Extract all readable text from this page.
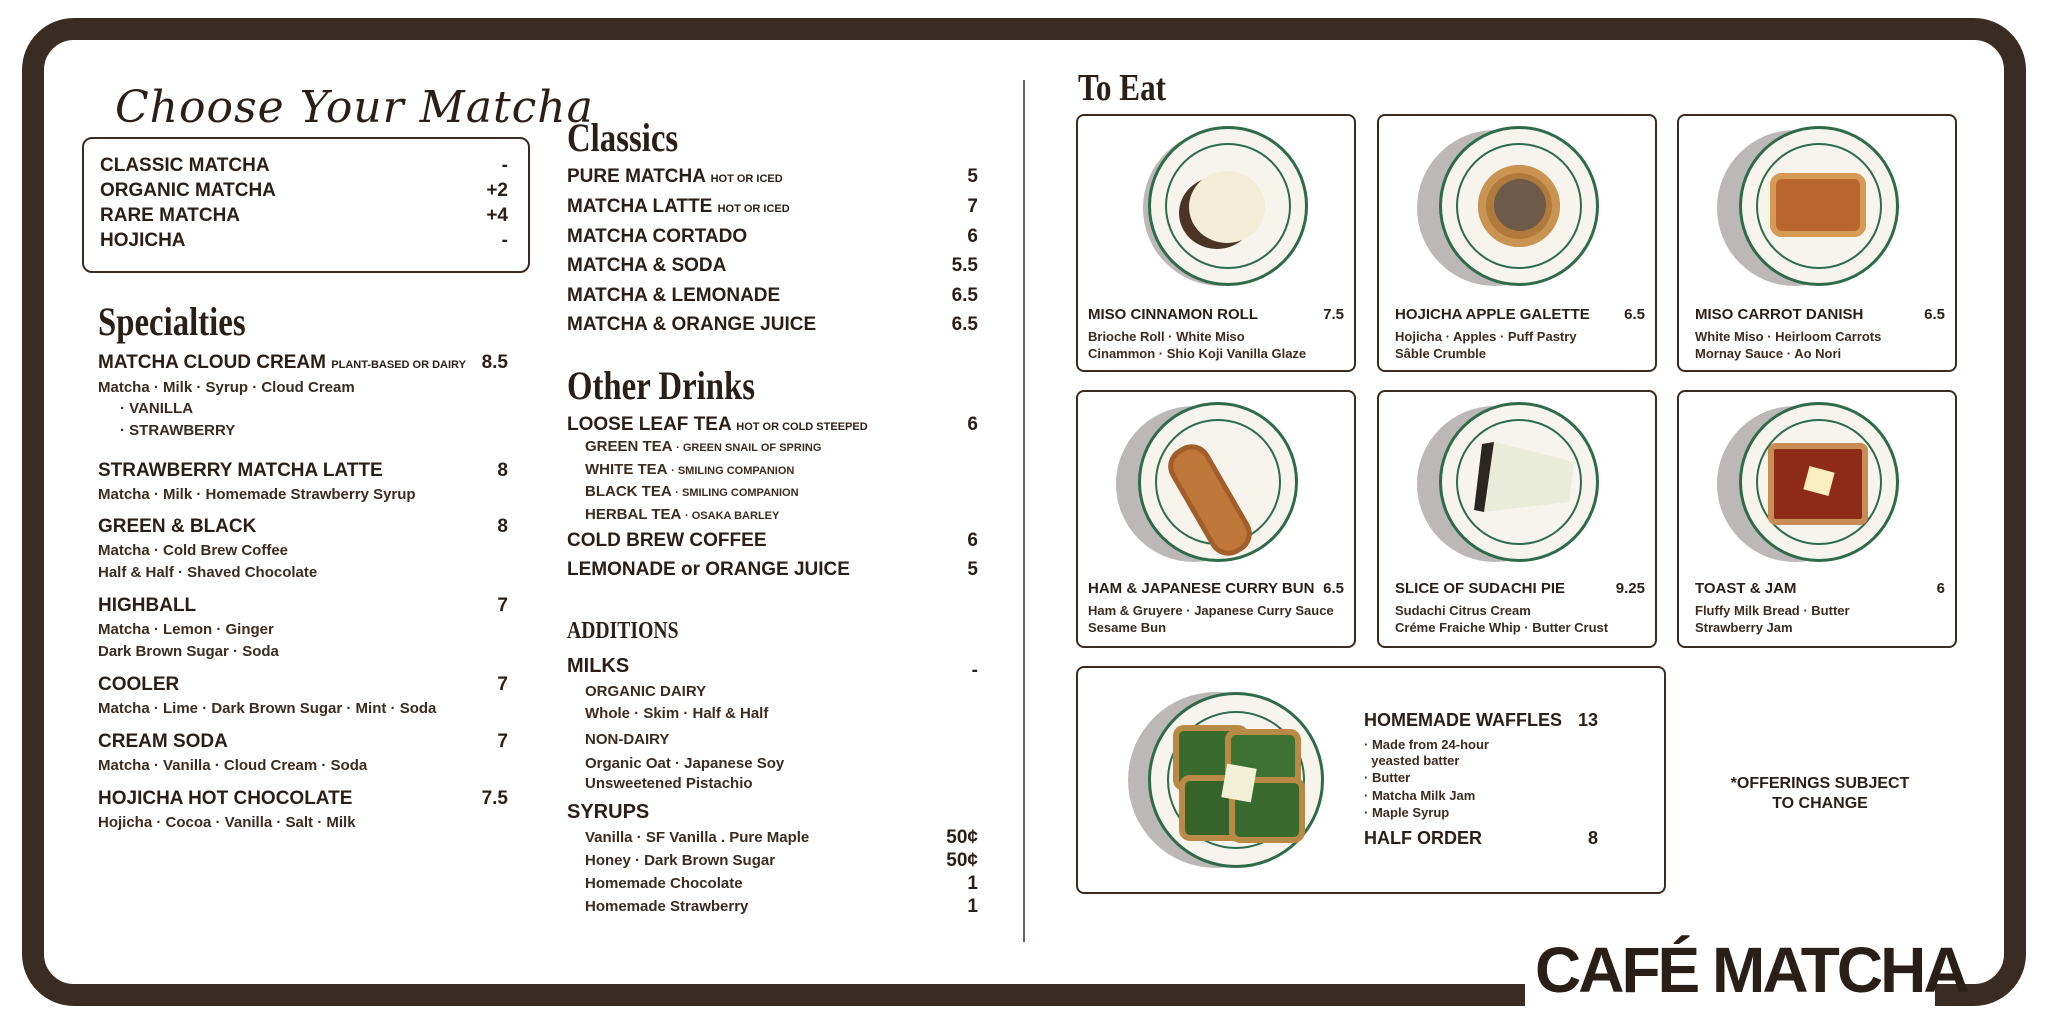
CAFÉ MATCHA
Choose Your Matcha
CLASSIC MATCHA	-
ORGANIC MATCHA	+2
RARE MATCHA	+4
HOJICHA	-
Specialties
MATCHA CLOUD CREAM PLANT-BASED OR DAIRY 8.5
Matcha · Milk · Syrup · Cloud Cream
· VANILLA
· STRAWBERRY
STRAWBERRY MATCHA LATTE	8
Matcha · Milk · Homemade Strawberry Syrup
GREEN & BLACK	8
Matcha · Cold Brew Coffee
Half & Half · Shaved Chocolate
HIGHBALL	7
Matcha · Lemon · Ginger
Dark Brown Sugar · Soda
COOLER	7
Matcha · Lime · Dark Brown Sugar · Mint · Soda
CREAM SODA	7
Matcha · Vanilla · Cloud Cream · Soda
HOJICHA HOT CHOCOLATE	7.5
Hojicha · Cocoa · Vanilla · Salt · Milk
Classics
PURE MATCHA HOT OR ICED	5
MATCHA LATTE HOT OR ICED	7
MATCHA CORTADO	6
MATCHA & SODA	5.5
MATCHA & LEMONADE	6.5
MATCHA & ORANGE JUICE	6.5
Other Drinks
LOOSE LEAF TEA HOT OR COLD STEEPED	6
GREEN TEA · GREEN SNAIL OF SPRING
WHITE TEA · SMILING COMPANION
BLACK TEA · SMILING COMPANION
HERBAL TEA · OSAKA BARLEY
COLD BREW COFFEE	6
LEMONADE or ORANGE JUICE	5
ADDITIONS
MILKS	-
ORGANIC DAIRY
Whole · Skim · Half & Half
NON-DAIRY
Organic Oat · Japanese Soy
Unsweetened Pistachio
SYRUPS
Vanilla · SF Vanilla . Pure Maple	50¢
Honey · Dark Brown Sugar	50¢
Homemade Chocolate	1
Homemade Strawberry	1
To Eat
MISO CINNAMON ROLL	7.5
Brioche Roll · White Miso
Cinammon · Shio Koji Vanilla Glaze
HOJICHA APPLE GALETTE	6.5
Hojicha · Apples · Puff Pastry
Sâble Crumble
MISO CARROT DANISH	6.5
White Miso · Heirloom Carrots
Mornay Sauce · Ao Nori
HAM & JAPANESE CURRY BUN 6.5
Ham & Gruyere · Japanese Curry Sauce
Sesame Bun
SLICE OF SUDACHI PIE	9.25
Sudachi Citrus Cream
Créme Fraiche Whip · Butter Crust
TOAST & JAM	6
Fluffy Milk Bread · Butter
Strawberry Jam
HOMEMADE WAFFLES 13
· Made from 24-hour
yeasted batter
· Butter
· Matcha Milk Jam
· Maple Syrup
HALF ORDER	8
*OFFERINGS SUBJECT
TO CHANGE
